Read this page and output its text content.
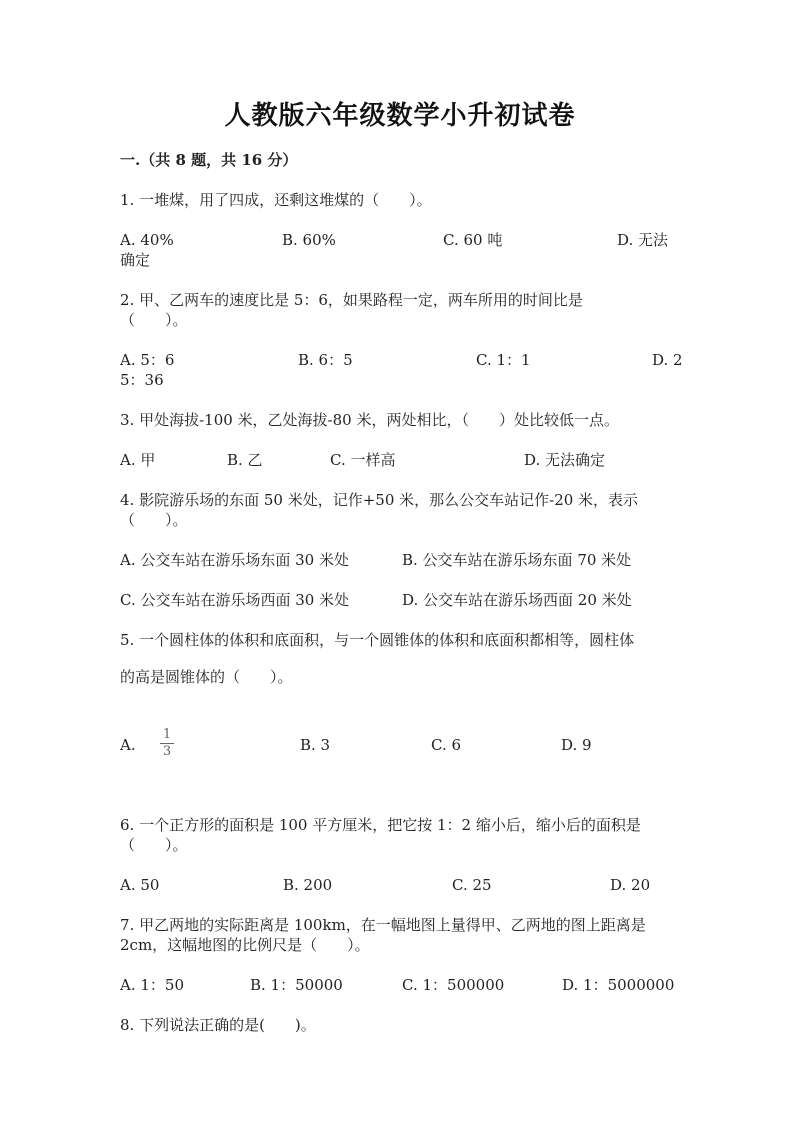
人教版六年级数学小升初试卷
一.（共 8 题，共 16 分）
1. 一堆煤，用了四成，还剩这堆煤的（　　）。
A. 40%	B. 60%	C. 60 吨	D. 无法
确定
2. 甲、乙两车的速度比是 5：6，如果路程一定，两车所用的时间比是
（　　）。
A. 5：6	B. 6：5	C. 1：1	D. 2
5：36
3. 甲处海拔-100 米，乙处海拔-80 米，两处相比，（　　）处比较低一点。
A. 甲	B. 乙	C. 一样高	D. 无法确定
4. 影院游乐场的东面 50 米处，记作+50 米，那么公交车站记作-20 米，表示
（　　）。
A. 公交车站在游乐场东面 30 米处	B. 公交车站在游乐场东面 70 米处
C. 公交车站在游乐场西面 30 米处	D. 公交车站在游乐场西面 20 米处
5. 一个圆柱体的体积和底面积，与一个圆锥体的体积和底面积都相等，圆柱体
的高是圆锥体的（　　）。
A.
1
3	B. 3	C. 6	D. 9
6. 一个正方形的面积是 100 平方厘米，把它按 1：2 缩小后，缩小后的面积是
（　　）。
A. 50	B. 200	C. 25	D. 20
7. 甲乙两地的实际距离是 100km，在一幅地图上量得甲、乙两地的图上距离是
2cm，这幅地图的比例尺是（　　）。
A. 1：50	B. 1：50000	C. 1：500000	D. 1：5000000
8. 下列说法正确的是(　　)。
